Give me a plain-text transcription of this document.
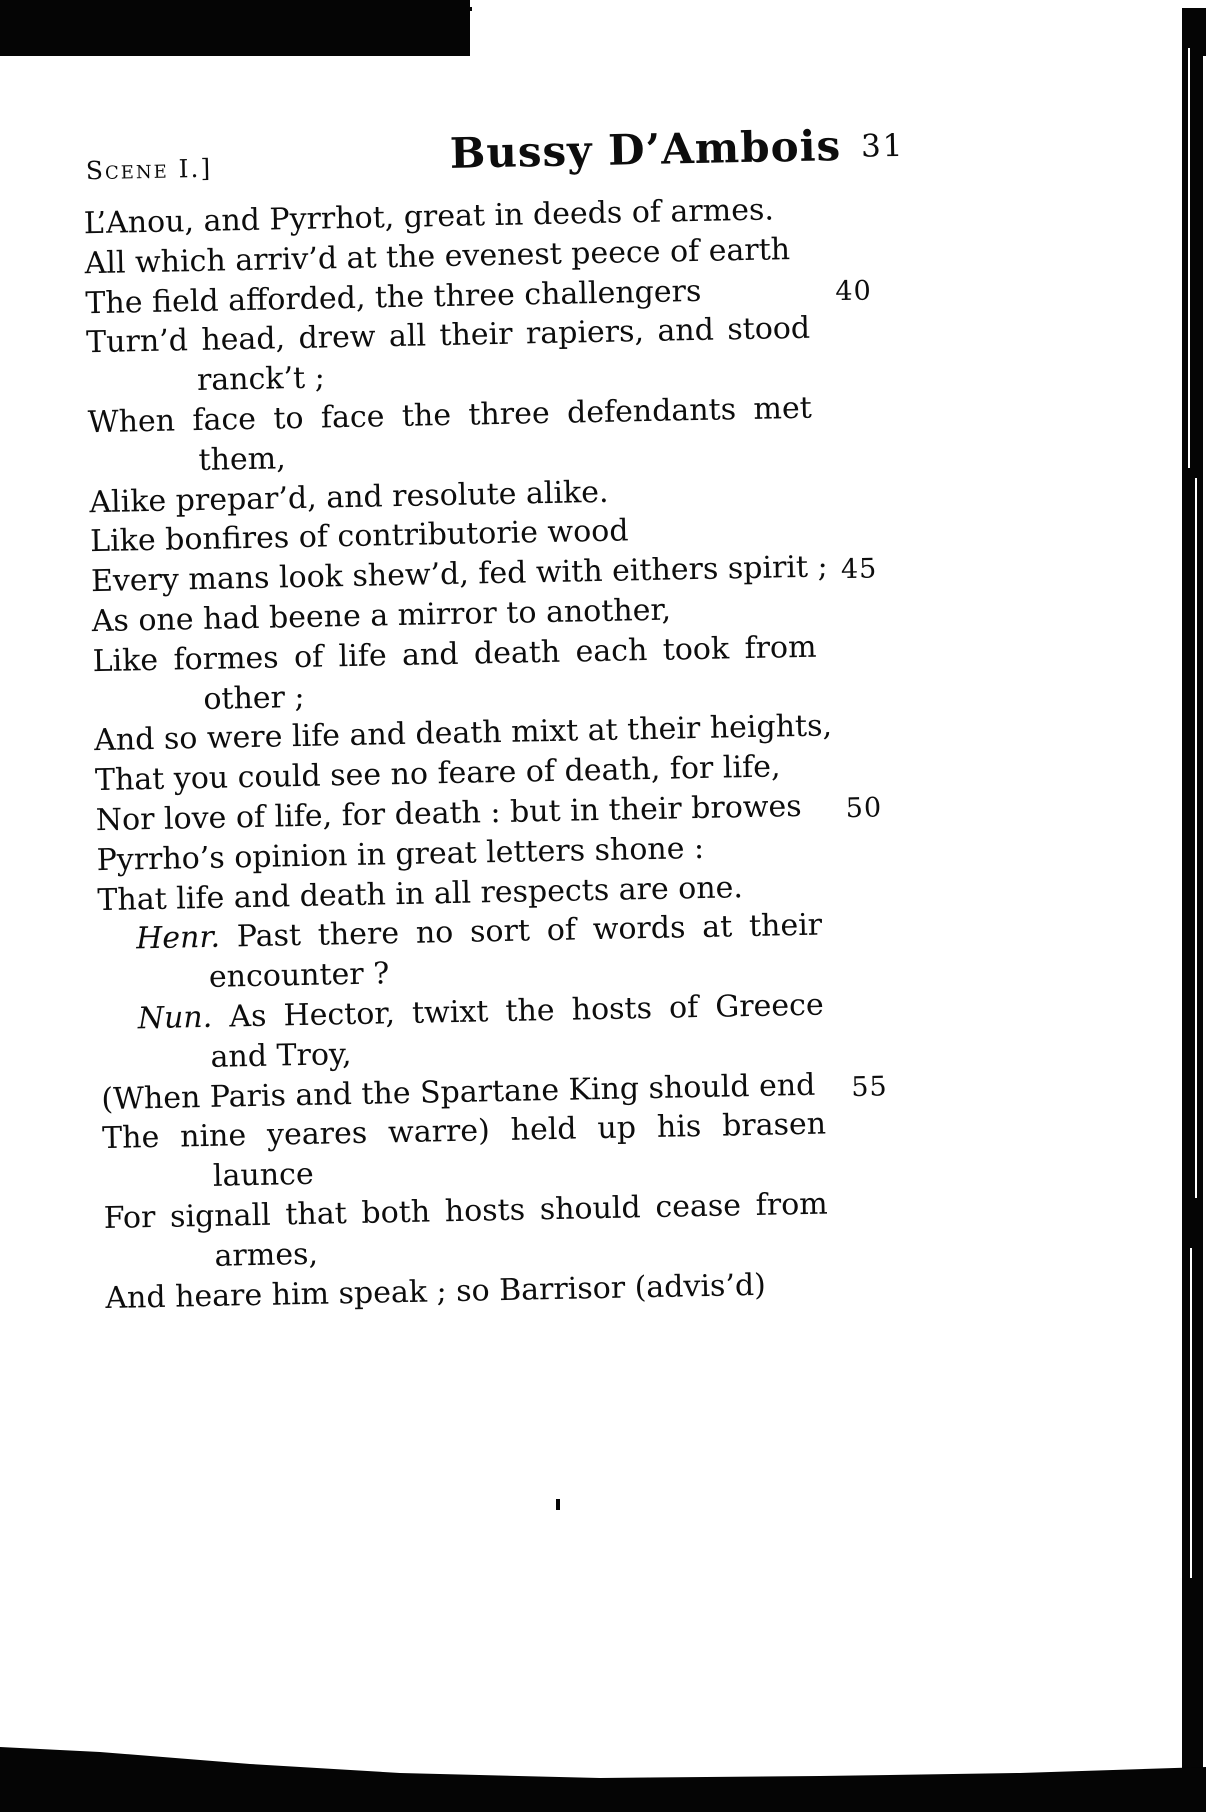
Scene I.]	Bussy D’Ambois 31
L’Anou, and Pyrrhot, great in deeds of armes.
All which arriv’d at the evenest peece of earth
The field afforded, the three challengers	40
Turn’d head, drew all their rapiers, and stood
ranck’t ;
When face to face the three defendants met
them,
Alike prepar’d, and resolute alike.
Like bonfires of contributorie wood
Every mans look shew’d, fed with eithers spirit ; 45
As one had beene a mirror to another,
Like formes of life and death each took from
other ;
And so were life and death mixt at their heights,
That you could see no feare of death, for life,
Nor love of life, for death : but in their browes 50
Pyrrho’s opinion in great letters shone :
That life and death in all respects are one.
Henr. Past there no sort of words at their
encounter ?
Nun. As Hector, twixt the hosts of Greece
and Troy,
(When Paris and the Spartane King should end 55
The nine yeares warre) held up his brasen
launce
For signall that both hosts should cease from
armes,
And heare him speak ; so Barrisor (advis’d)
